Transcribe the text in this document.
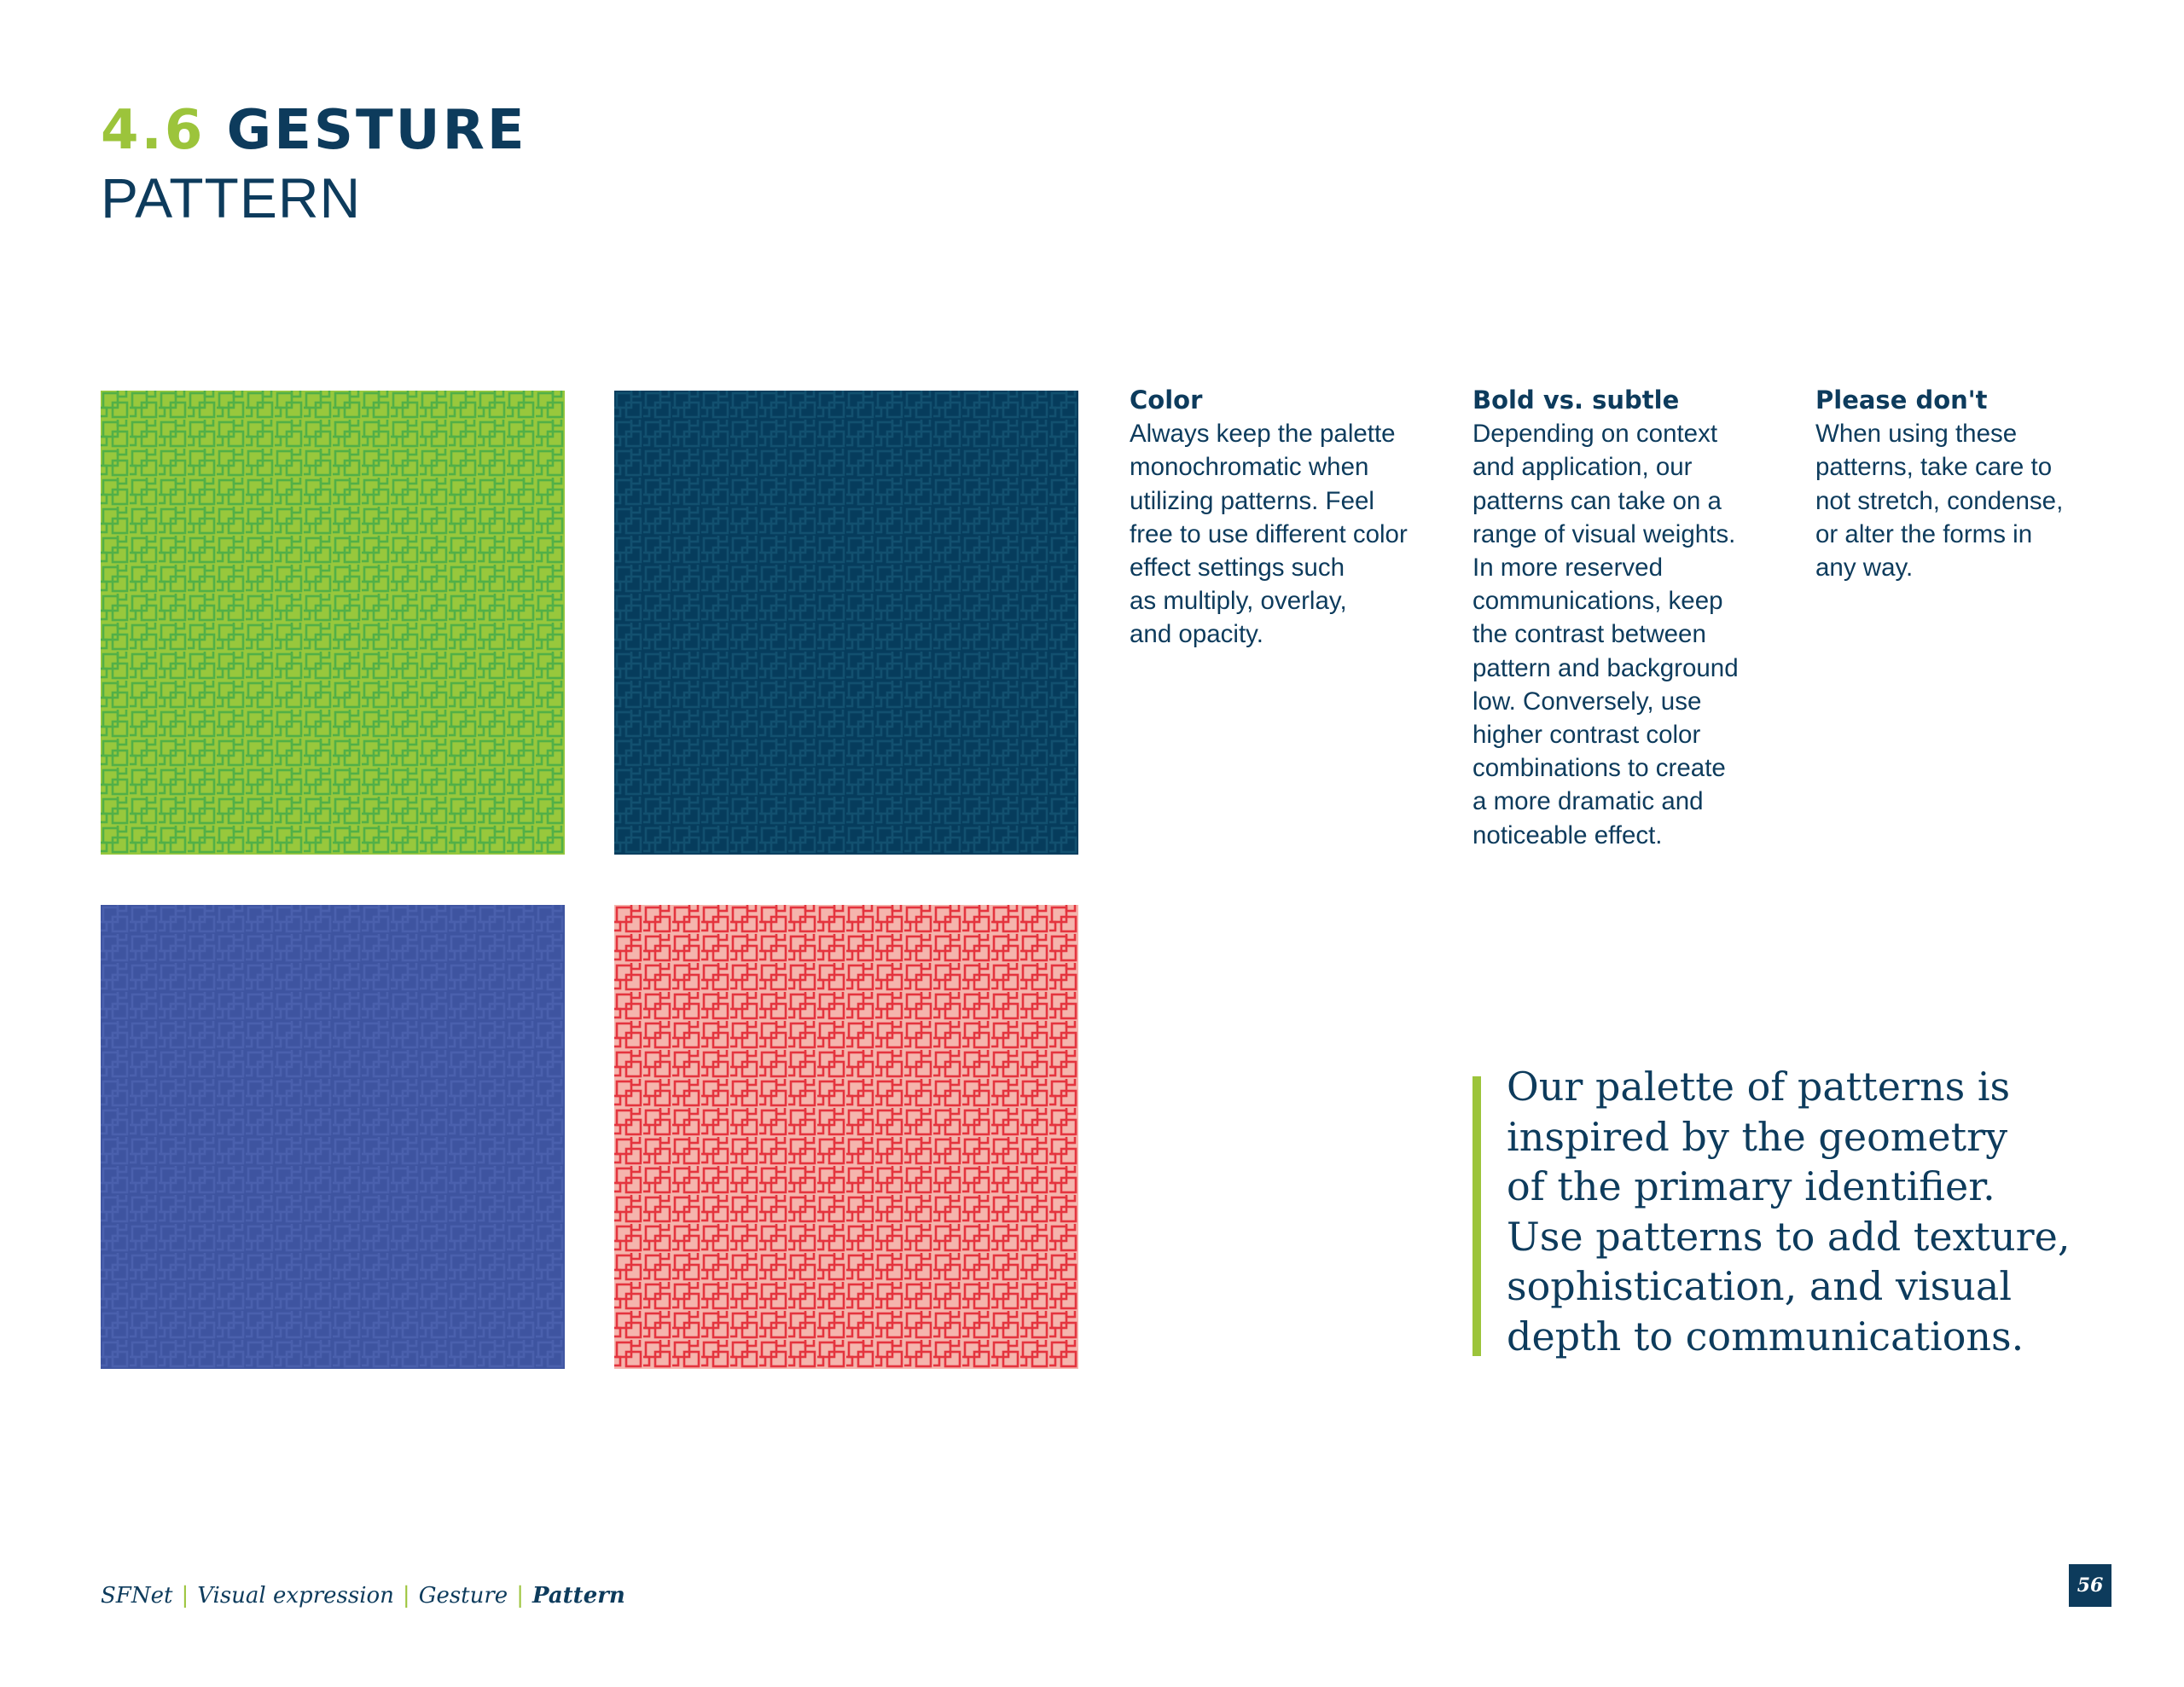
4.6 GESTURE
PATTERN
Color
Always keep the palette
monochromatic when
utilizing patterns. Feel
free to use different color
effect settings such
as multiply, overlay,
and opacity.
Bold vs. subtle
Depending on context
and application, our
patterns can take on a
range of visual weights.
In more reserved
communications, keep
the contrast between
pattern and background
low. Conversely, use
higher contrast color
combinations to create
a more dramatic and
noticeable effect.
Please don't
When using these
patterns, take care to
not stretch, condense,
or alter the forms in
any way.
Our palette of patterns is
inspired by the geometry
of the primary identifier.
Use patterns to add texture,
sophistication, and visual
depth to communications.
SFNet | Visual expression | Gesture | Pattern	56
